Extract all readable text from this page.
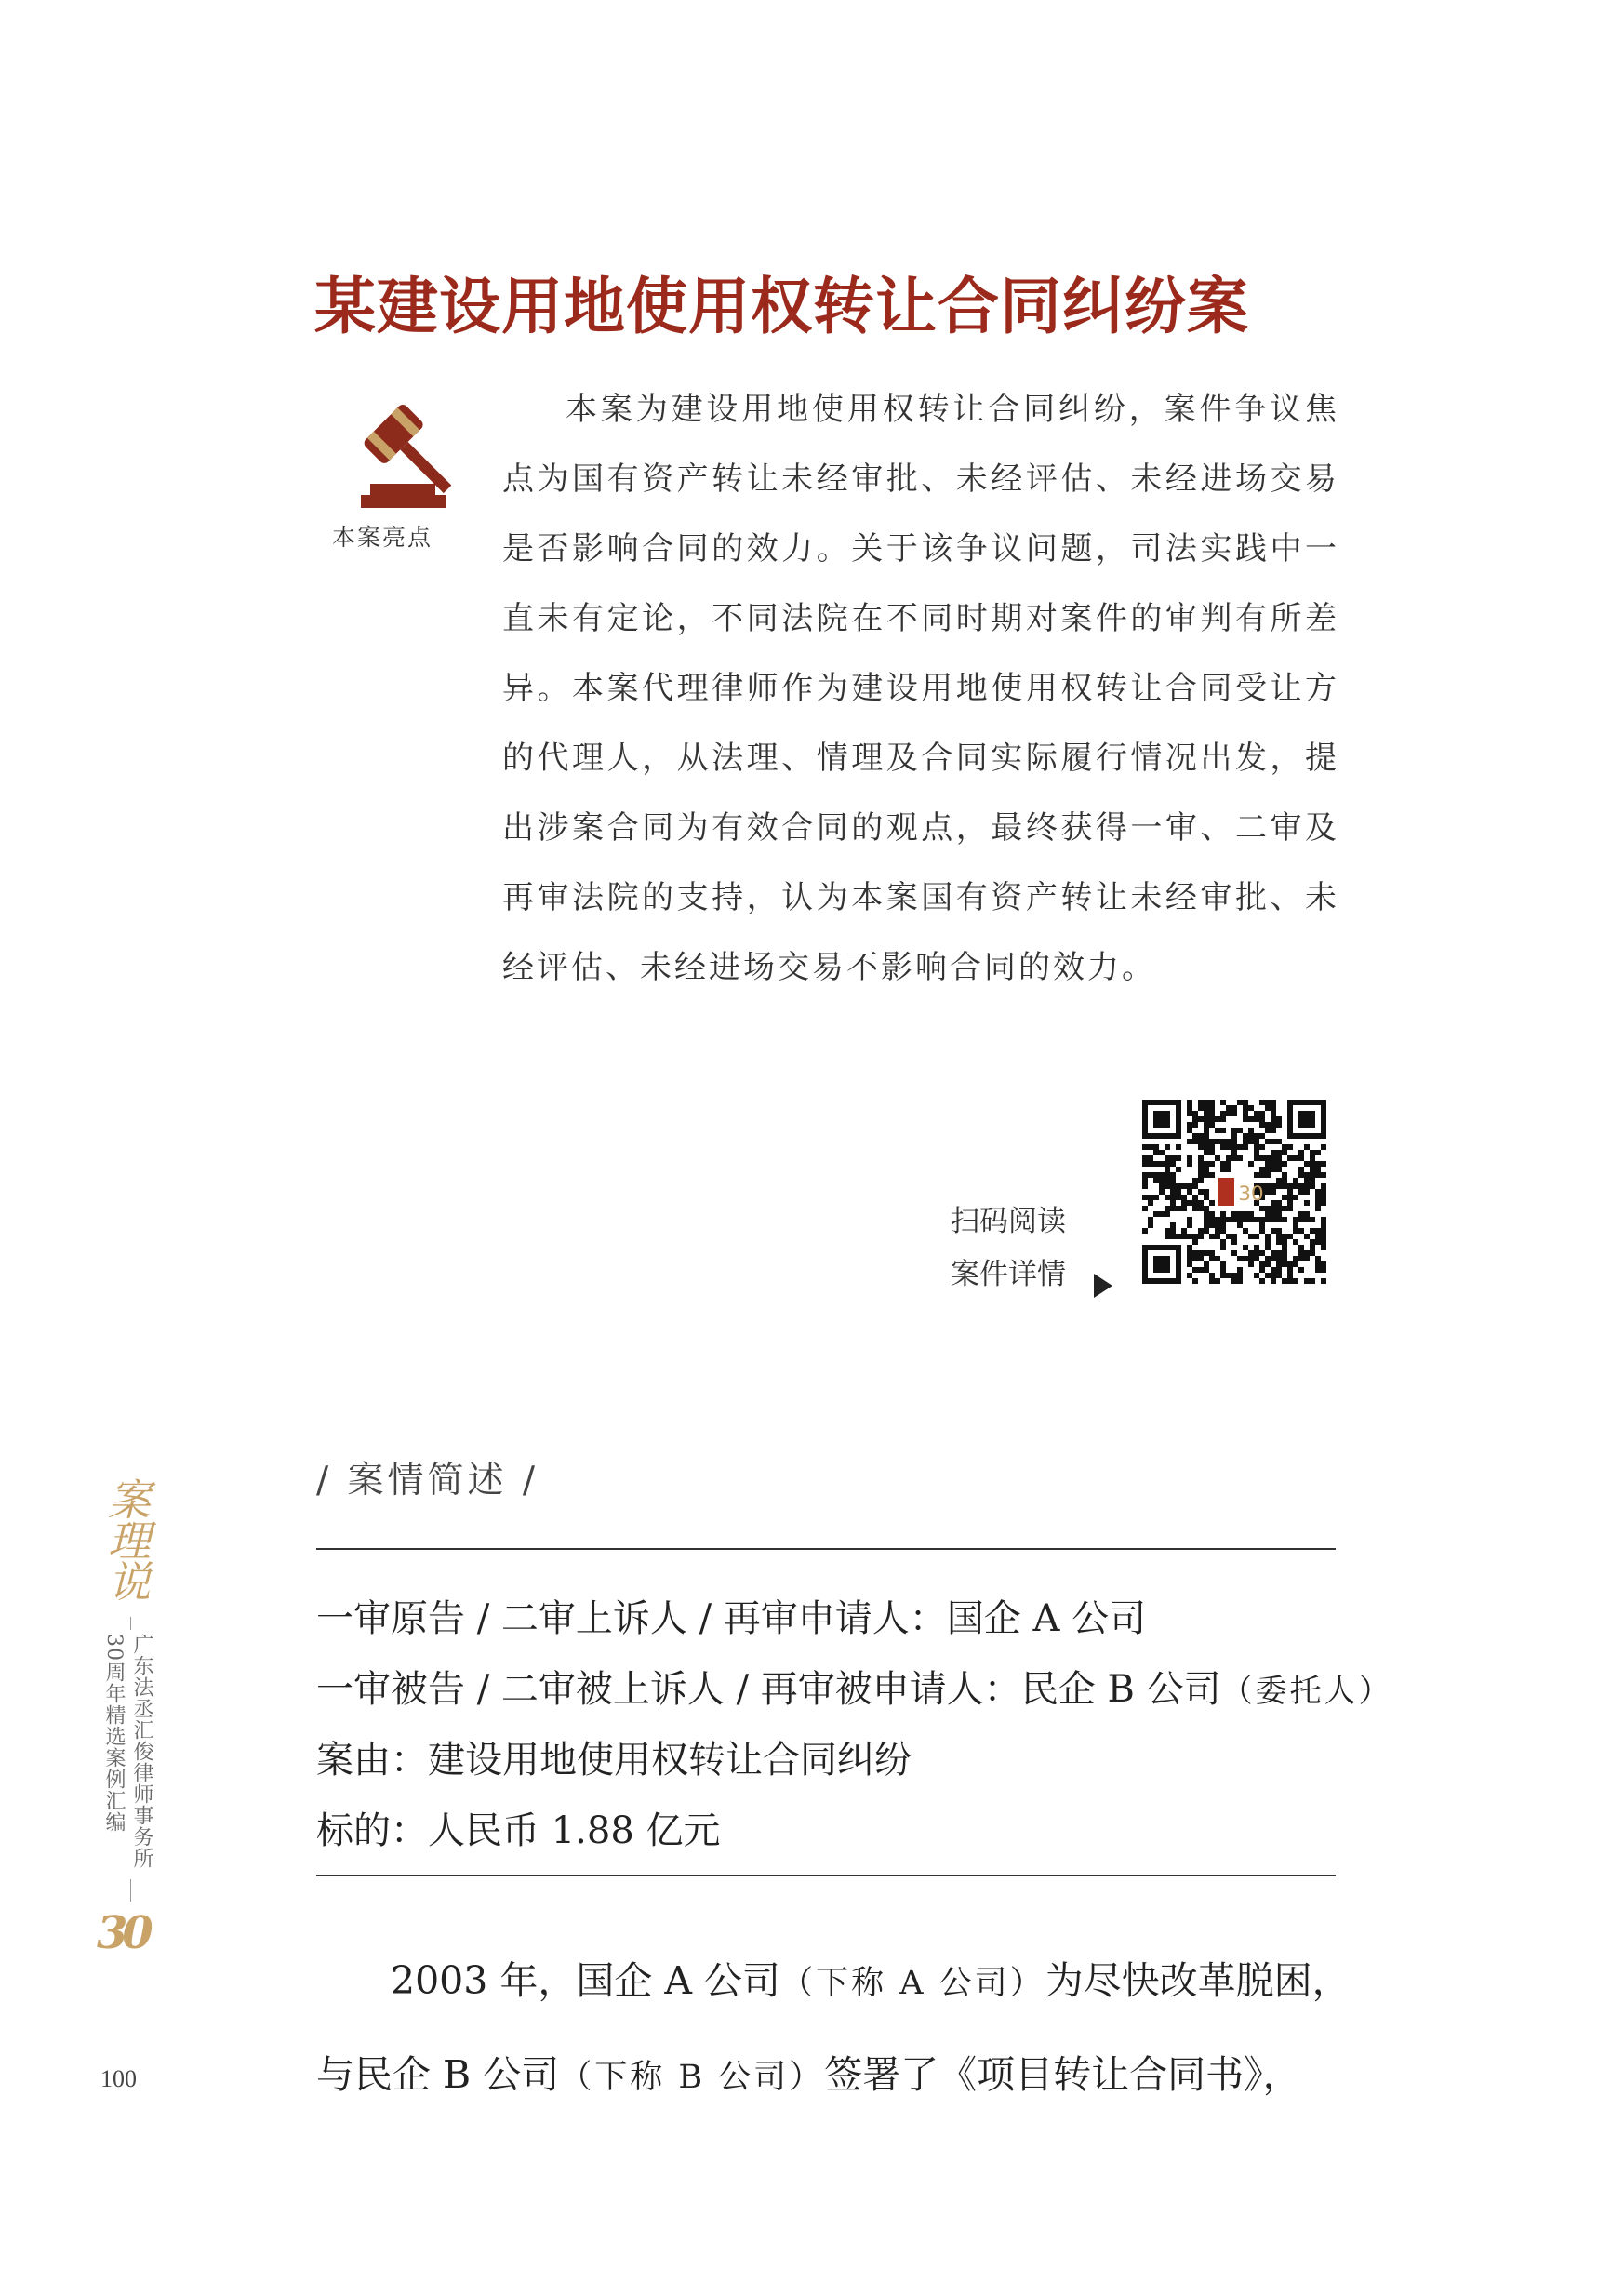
某建设用地使用权转让合同纠纷案
本案亮点
本案为建设用地使用权转让合同纠纷，案件争议焦点为国有资产转让未经审批、未经评估、未经进场交易是否影响合同的效力。关于该争议问题，司法实践中一直未有定论，不同法院在不同时期对案件的审判有所差异。本案代理律师作为建设用地使用权转让合同受让方的代理人，从法理、情理及合同实际履行情况出发，提出涉案合同为有效合同的观点，最终获得一审、二审及再审法院的支持，认为本案国有资产转让未经审批、未经评估、未经进场交易不影响合同的效力。
扫码阅读
案件详情
30
案理说
广东法丞汇俊律师事务所
30周年精选案例汇编
30
100
/ 案情简述 /
一审原告 / 二审上诉人 / 再审申请人：国企 A 公司
一审被告 / 二审被上诉人 / 再审被申请人：民企 B 公司（委托人）
案由：建设用地使用权转让合同纠纷
标的：人民币 1.88 亿元
2003 年，国企 A 公司（下称 A 公司）为尽快改革脱困，
与民企 B 公司（下称 B 公司）签署了《项目转让合同书》，
